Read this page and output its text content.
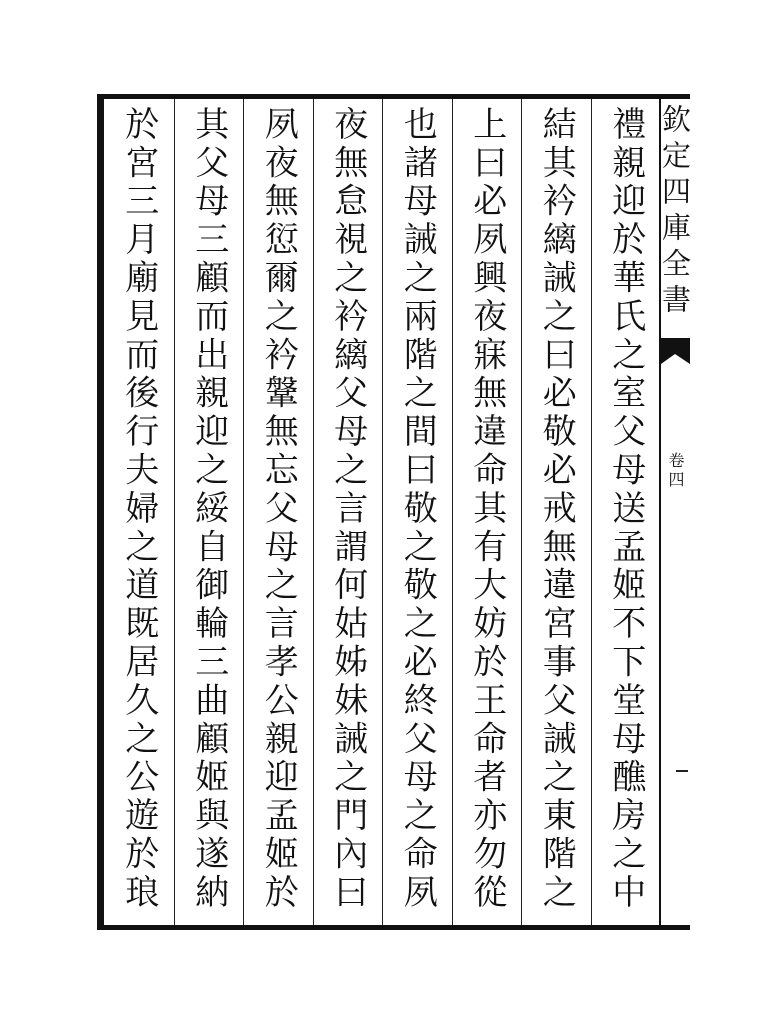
禮親迎於華氏之室父母送孟姬不下堂母醮房之中
結其衿縭誡之曰必敬必戒無違宮事父誡之東階之
上曰必夙興夜寐無違命其有大妨於王命者亦勿從
也諸母誡之兩階之間曰敬之敬之必終父母之命夙
夜無怠視之衿縭父母之言謂何姑姊妹誡之門內曰
夙夜無愆爾之衿鞶無忘父母之言孝公親迎孟姬於
其父母三顧而出親迎之綏自御輪三曲顧姬與遂納
於宮三月廟見而後行夫婦之道既居久之公遊於琅	欽定四庫全書
卷四
